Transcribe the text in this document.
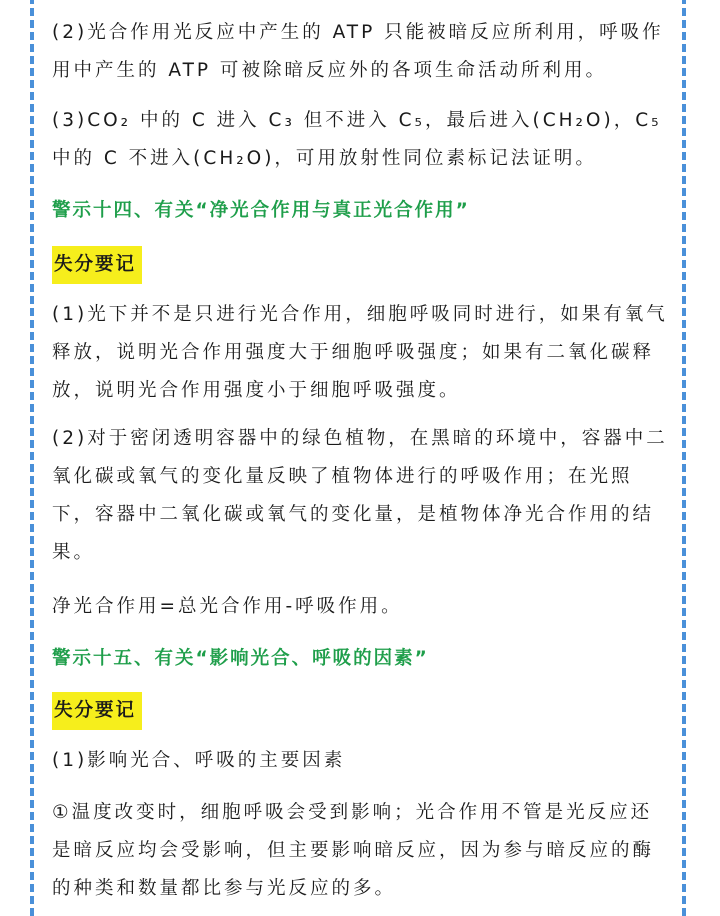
(2)光合作用光反应中产生的 ATP 只能被暗反应所利用，呼吸作用中产生的 ATP 可被除暗反应外的各项生命活动所利用。

(3)CO₂ 中的 C 进入 C₃ 但不进入 C₅，最后进入(CH₂O)，C₅ 中的 C 不进入(CH₂O)，可用放射性同位素标记法证明。

警示十四、有关“净光合作用与真正光合作用”
失分要记

(1)光下并不是只进行光合作用，细胞呼吸同时进行，如果有氧气释放，说明光合作用强度大于细胞呼吸强度；如果有二氧化碳释放，说明光合作用强度小于细胞呼吸强度。

(2)对于密闭透明容器中的绿色植物，在黑暗的环境中，容器中二氧化碳或氧气的变化量反映了植物体进行的呼吸作用；在光照下，容器中二氧化碳或氧气的变化量，是植物体净光合作用的结果。

净光合作用=总光合作用-呼吸作用。

警示十五、有关“影响光合、呼吸的因素”
失分要记

(1)影响光合、呼吸的主要因素

①温度改变时，细胞呼吸会受到影响；光合作用不管是光反应还是暗反应均会受影响，但主要影响暗反应，因为参与暗反应的酶的种类和数量都比参与光反应的多。
